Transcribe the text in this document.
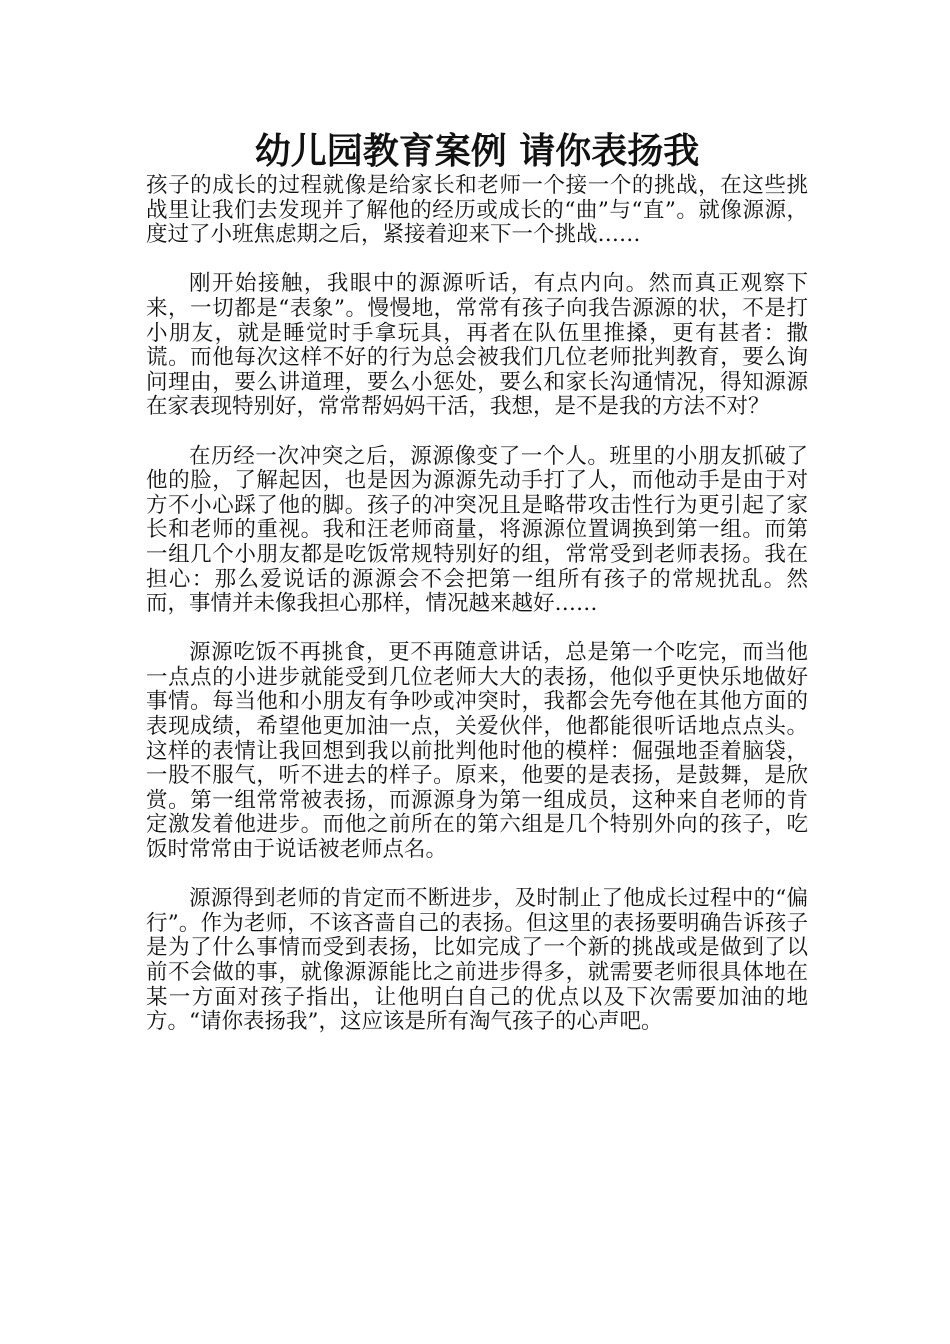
幼儿园教育案例 请你表扬我

孩子的成长的过程就像是给家长和老师一个接一个的挑战，在这些挑战里让我们去发现并了解他的经历或成长的“曲”与“直”。就像源源，度过了小班焦虑期之后，紧接着迎来下一个挑战……

刚开始接触，我眼中的源源听话，有点内向。然而真正观察下来，一切都是“表象”。慢慢地，常常有孩子向我告源源的状，不是打小朋友，就是睡觉时手拿玩具，再者在队伍里推搡，更有甚者：撒谎。而他每次这样不好的行为总会被我们几位老师批判教育，要么询问理由，要么讲道理，要么小惩处，要么和家长沟通情况，得知源源在家表现特别好，常常帮妈妈干活，我想，是不是我的方法不对？

在历经一次冲突之后，源源像变了一个人。班里的小朋友抓破了他的脸，了解起因，也是因为源源先动手打了人，而他动手是由于对方不小心踩了他的脚。孩子的冲突况且是略带攻击性行为更引起了家长和老师的重视。我和汪老师商量，将源源位置调换到第一组。而第一组几个小朋友都是吃饭常规特别好的组，常常受到老师表扬。我在担心：那么爱说话的源源会不会把第一组所有孩子的常规扰乱。然而，事情并未像我担心那样，情况越来越好……

源源吃饭不再挑食，更不再随意讲话，总是第一个吃完，而当他一点点的小进步就能受到几位老师大大的表扬，他似乎更快乐地做好事情。每当他和小朋友有争吵或冲突时，我都会先夸他在其他方面的表现成绩，希望他更加油一点，关爱伙伴，他都能很听话地点点头。这样的表情让我回想到我以前批判他时他的模样：倔强地歪着脑袋，一股不服气，听不进去的样子。原来，他要的是表扬，是鼓舞，是欣赏。第一组常常被表扬，而源源身为第一组成员，这种来自老师的肯定激发着他进步。而他之前所在的第六组是几个特别外向的孩子，吃饭时常常由于说话被老师点名。

源源得到老师的肯定而不断进步，及时制止了他成长过程中的“偏行”。作为老师，不该吝啬自己的表扬。但这里的表扬要明确告诉孩子是为了什么事情而受到表扬，比如完成了一个新的挑战或是做到了以前不会做的事，就像源源能比之前进步得多，就需要老师很具体地在某一方面对孩子指出，让他明白自己的优点以及下次需要加油的地方。“请你表扬我”，这应该是所有淘气孩子的心声吧。
